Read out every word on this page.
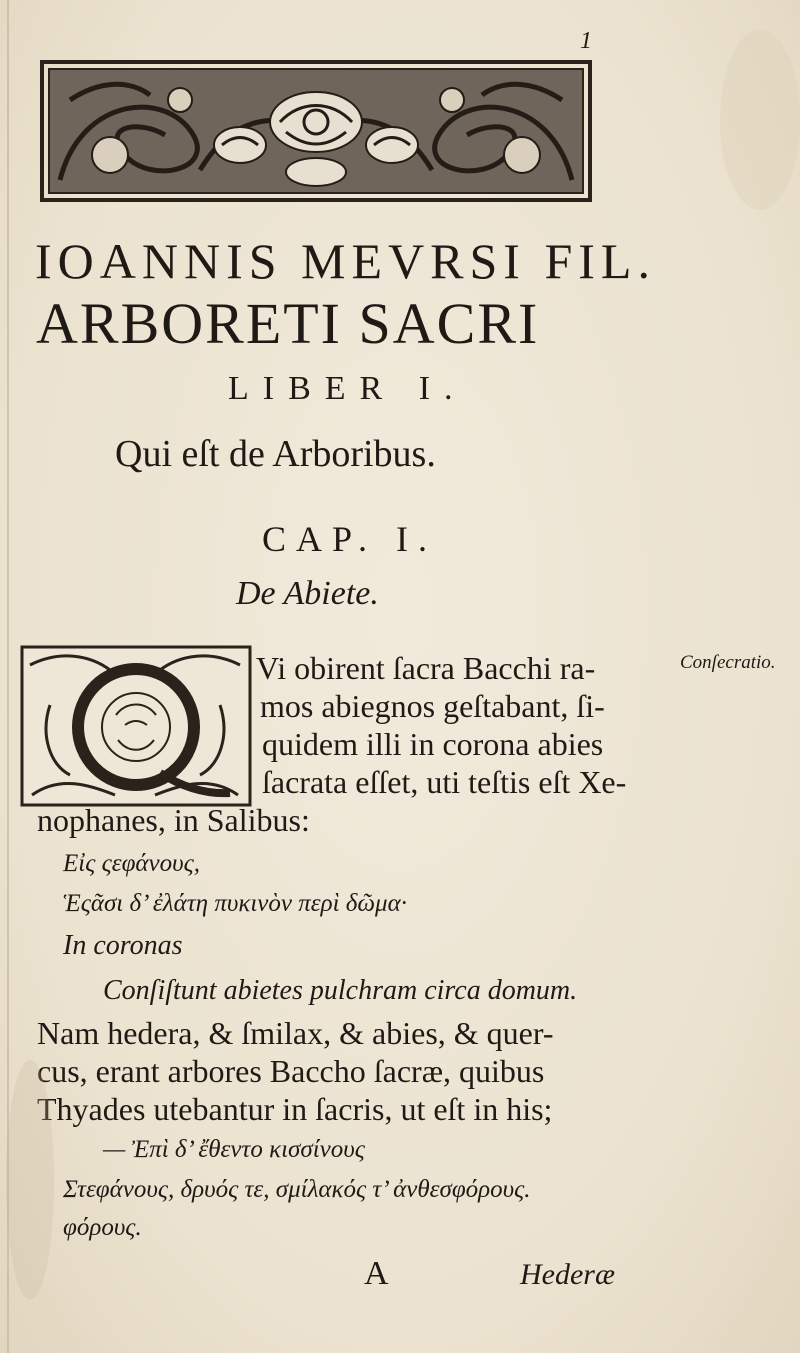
1
IOANNIS MEVRSI FIL.
ARBORETI SACRI
LIBER I.
Qui eſt de Arboribus.
CAP. I.
De Abiete.
Conſecratio.
Vi obirent ſacra Bacchi ra-
mos abiegnos geſtabant, ſi-
quidem illi in corona abies
ſacrata eſſet, uti teſtis eſt Xe-
nophanes, in Salibus:
Εἰς ςεφάνους,
Ἑςᾶσι δ’ ἐλάτη πυκινὸν περὶ δῶμα·
In coronas
Conſiſtunt abietes pulchram circa domum.
Nam hedera, & ſmilax, & abies, & quer-
cus, erant arbores Baccho ſacræ, quibus
Thyades utebantur in ſacris, ut eſt in his;
— Ἐπὶ δ’ ἔθεντο κισσίνους
Στεφάνους, δρυός τε, σμίλακός τ’ ἀνθεσφόρους.
φόρους.
A	Hederæ
